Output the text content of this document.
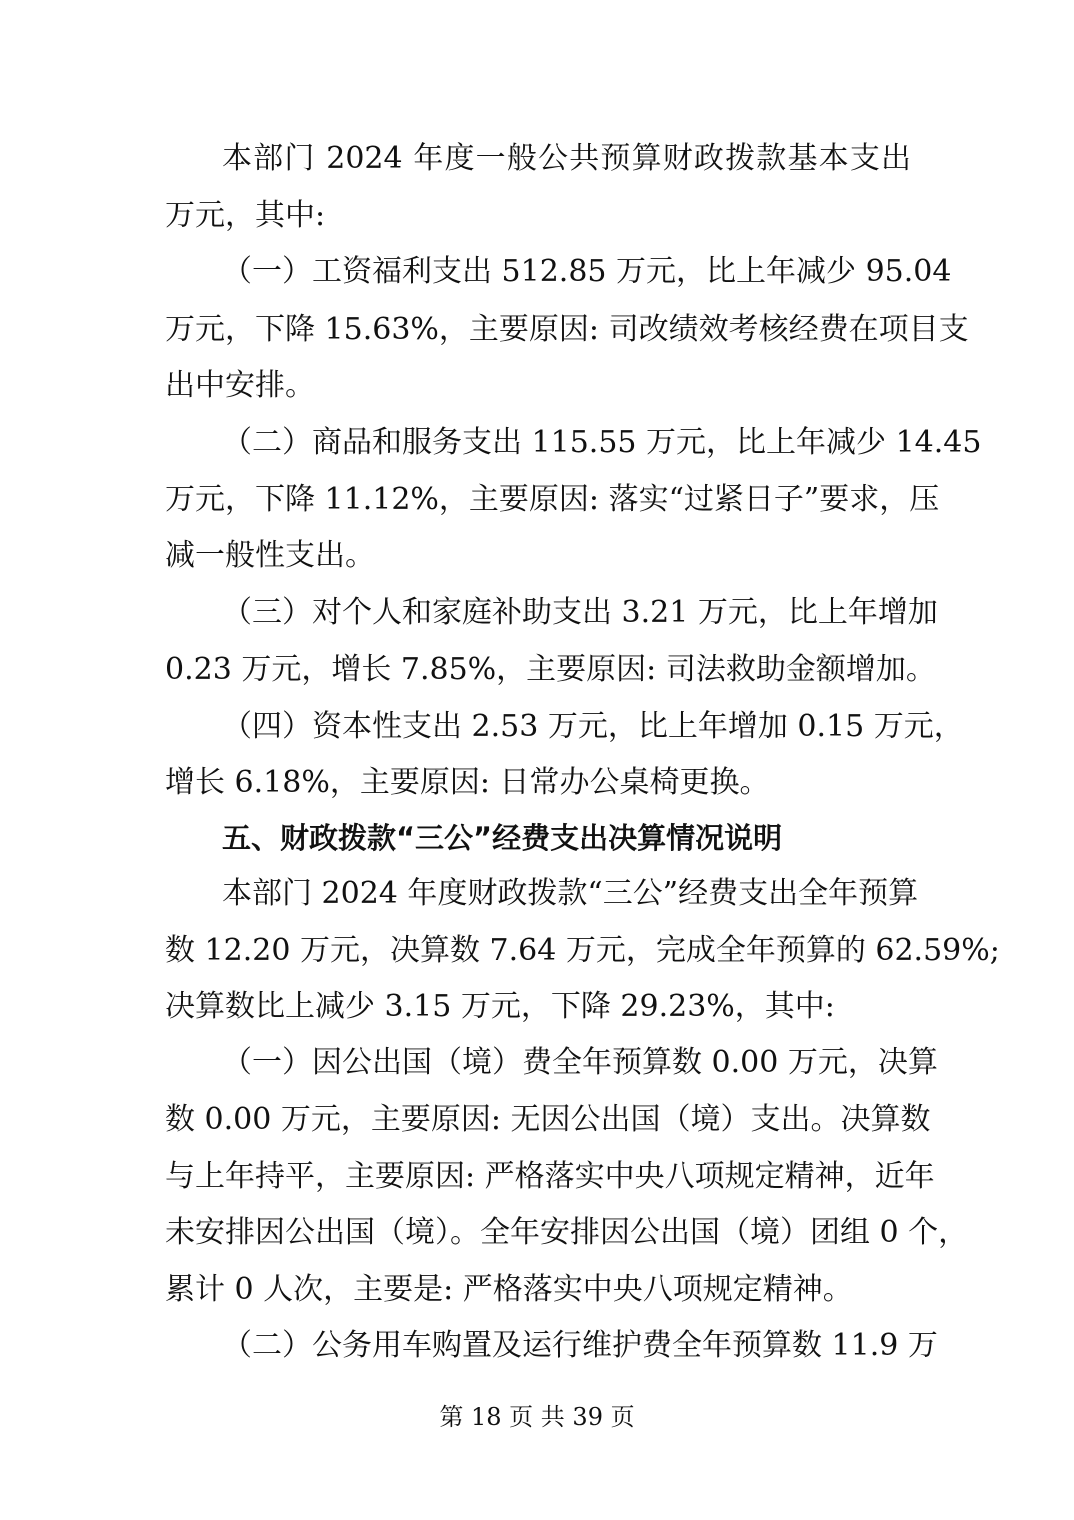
本部门 2024 年度一般公共预算财政拨款基本支出
万元，其中:
（一）工资福利支出 512.85 万元，比上年减少 95.04
万元，下降 15.63%，主要原因: 司改绩效考核经费在项目支
出中安排。
（二）商品和服务支出 115.55 万元，比上年减少 14.45
万元，下降 11.12%，主要原因: 落实“过紧日子”要求，压
减一般性支出。
（三）对个人和家庭补助支出 3.21 万元，比上年增加
0.23 万元，增长 7.85%，主要原因: 司法救助金额增加。
（四）资本性支出 2.53 万元，比上年增加 0.15 万元，
增长 6.18%，主要原因: 日常办公桌椅更换。
五、财政拨款“三公”经费支出决算情况说明
本部门 2024 年度财政拨款“三公”经费支出全年预算
数 12.20 万元，决算数 7.64 万元，完成全年预算的 62.59%;
决算数比上减少 3.15 万元，下降 29.23%，其中:
（一）因公出国（境）费全年预算数 0.00 万元，决算
数 0.00 万元，主要原因: 无因公出国（境）支出。决算数
与上年持平，主要原因: 严格落实中央八项规定精神，近年
未安排因公出国（境）。全年安排因公出国（境）团组 0 个，
累计 0 人次，主要是: 严格落实中央八项规定精神。
（二）公务用车购置及运行维护费全年预算数 11.9 万
第 18 页 共 39 页
